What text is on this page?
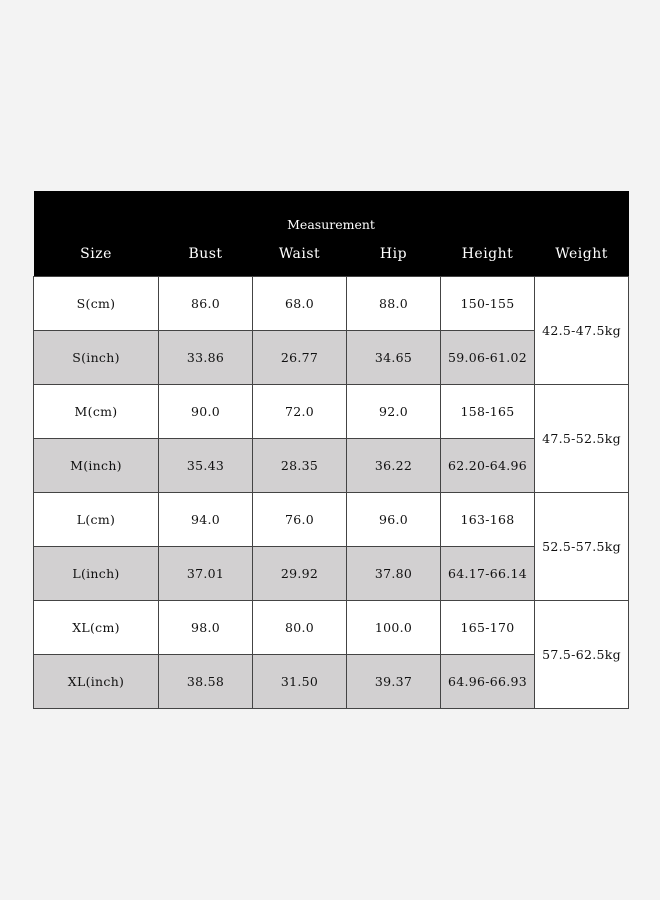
Measurement					
Size	Bust	Waist	Hip	Height	Weight
S(cm)	86.0	68.0	88.0	150-155	42.5-47.5kg
S(inch)	33.86	26.77	34.65	59.06-61.02	
M(cm)	90.0	72.0	92.0	158-165	47.5-52.5kg
M(inch)	35.43	28.35	36.22	62.20-64.96	
L(cm)	94.0	76.0	96.0	163-168	52.5-57.5kg
L(inch)	37.01	29.92	37.80	64.17-66.14	
XL(cm)	98.0	80.0	100.0	165-170	57.5-62.5kg
XL(inch)	38.58	31.50	39.37	64.96-66.93	
